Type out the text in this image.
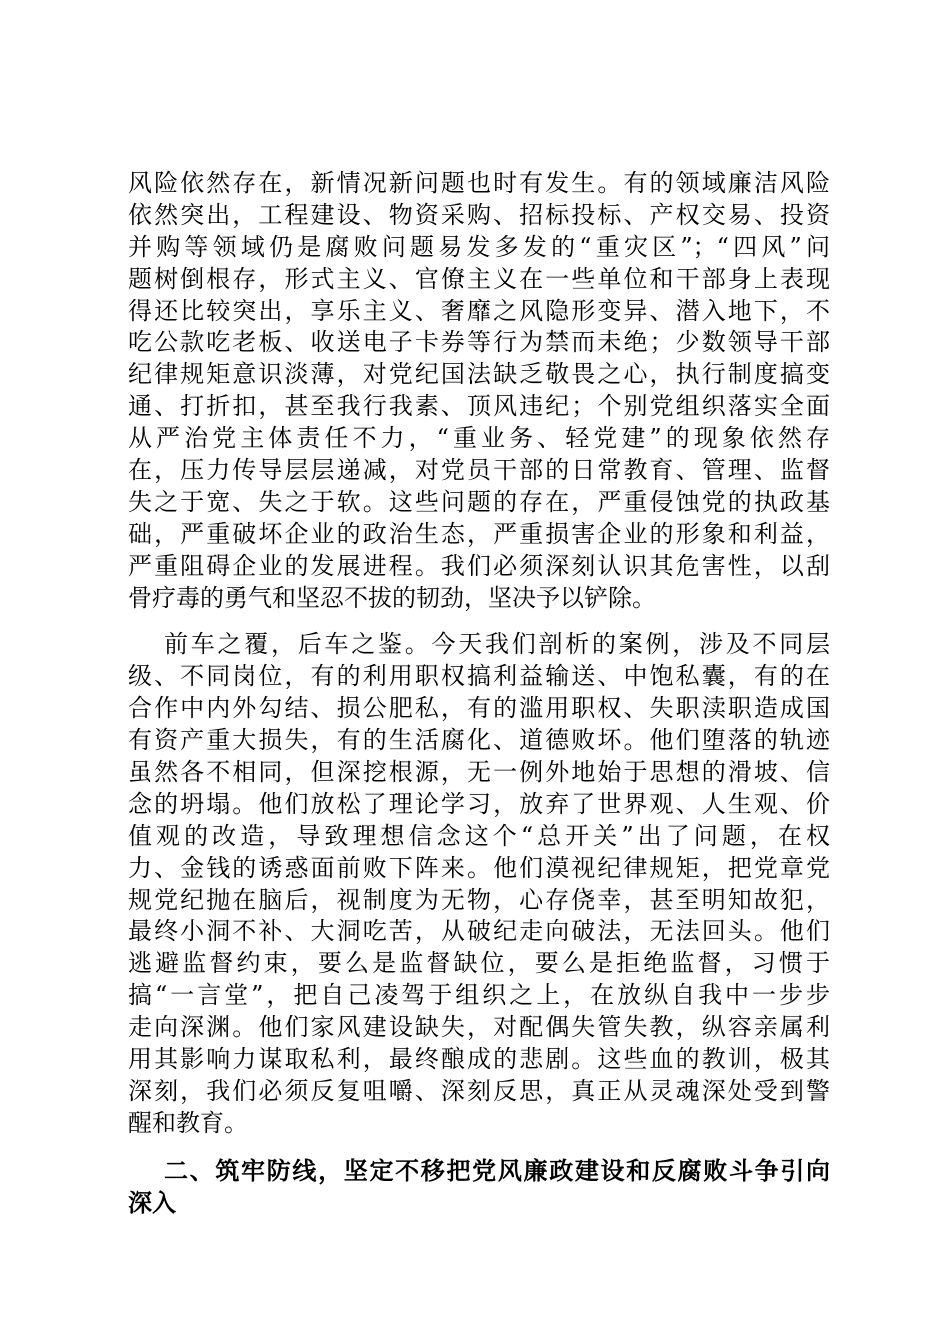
风险依然存在，新情况新问题也时有发生。有的领域廉洁风险
依然突出，工程建设、物资采购、招标投标、产权交易、投资
并购等领域仍是腐败问题易发多发的“重灾区”；“四风”问
题树倒根存，形式主义、官僚主义在一些单位和干部身上表现
得还比较突出，享乐主义、奢靡之风隐形变异、潜入地下，不
吃公款吃老板、收送电子卡券等行为禁而未绝；少数领导干部
纪律规矩意识淡薄，对党纪国法缺乏敬畏之心，执行制度搞变
通、打折扣，甚至我行我素、顶风违纪；个别党组织落实全面
从严治党主体责任不力，“重业务、轻党建”的现象依然存
在，压力传导层层递减，对党员干部的日常教育、管理、监督
失之于宽、失之于软。这些问题的存在，严重侵蚀党的执政基
础，严重破坏企业的政治生态，严重损害企业的形象和利益，
严重阻碍企业的发展进程。我们必须深刻认识其危害性，以刮
骨疗毒的勇气和坚忍不拔的韧劲，坚决予以铲除。
前车之覆，后车之鉴。今天我们剖析的案例，涉及不同层
级、不同岗位，有的利用职权搞利益输送、中饱私囊，有的在
合作中内外勾结、损公肥私，有的滥用职权、失职渎职造成国
有资产重大损失，有的生活腐化、道德败坏。他们堕落的轨迹
虽然各不相同，但深挖根源，无一例外地始于思想的滑坡、信
念的坍塌。他们放松了理论学习，放弃了世界观、人生观、价
值观的改造，导致理想信念这个“总开关”出了问题，在权
力、金钱的诱惑面前败下阵来。他们漠视纪律规矩，把党章党
规党纪抛在脑后，视制度为无物，心存侥幸，甚至明知故犯，
最终小洞不补、大洞吃苦，从破纪走向破法，无法回头。他们
逃避监督约束，要么是监督缺位，要么是拒绝监督，习惯于
搞“一言堂”，把自己凌驾于组织之上，在放纵自我中一步步
走向深渊。他们家风建设缺失，对配偶失管失教，纵容亲属利
用其影响力谋取私利，最终酿成的悲剧。这些血的教训，极其
深刻，我们必须反复咀嚼、深刻反思，真正从灵魂深处受到警
醒和教育。
二、筑牢防线，坚定不移把党风廉政建设和反腐败斗争引向
深入
